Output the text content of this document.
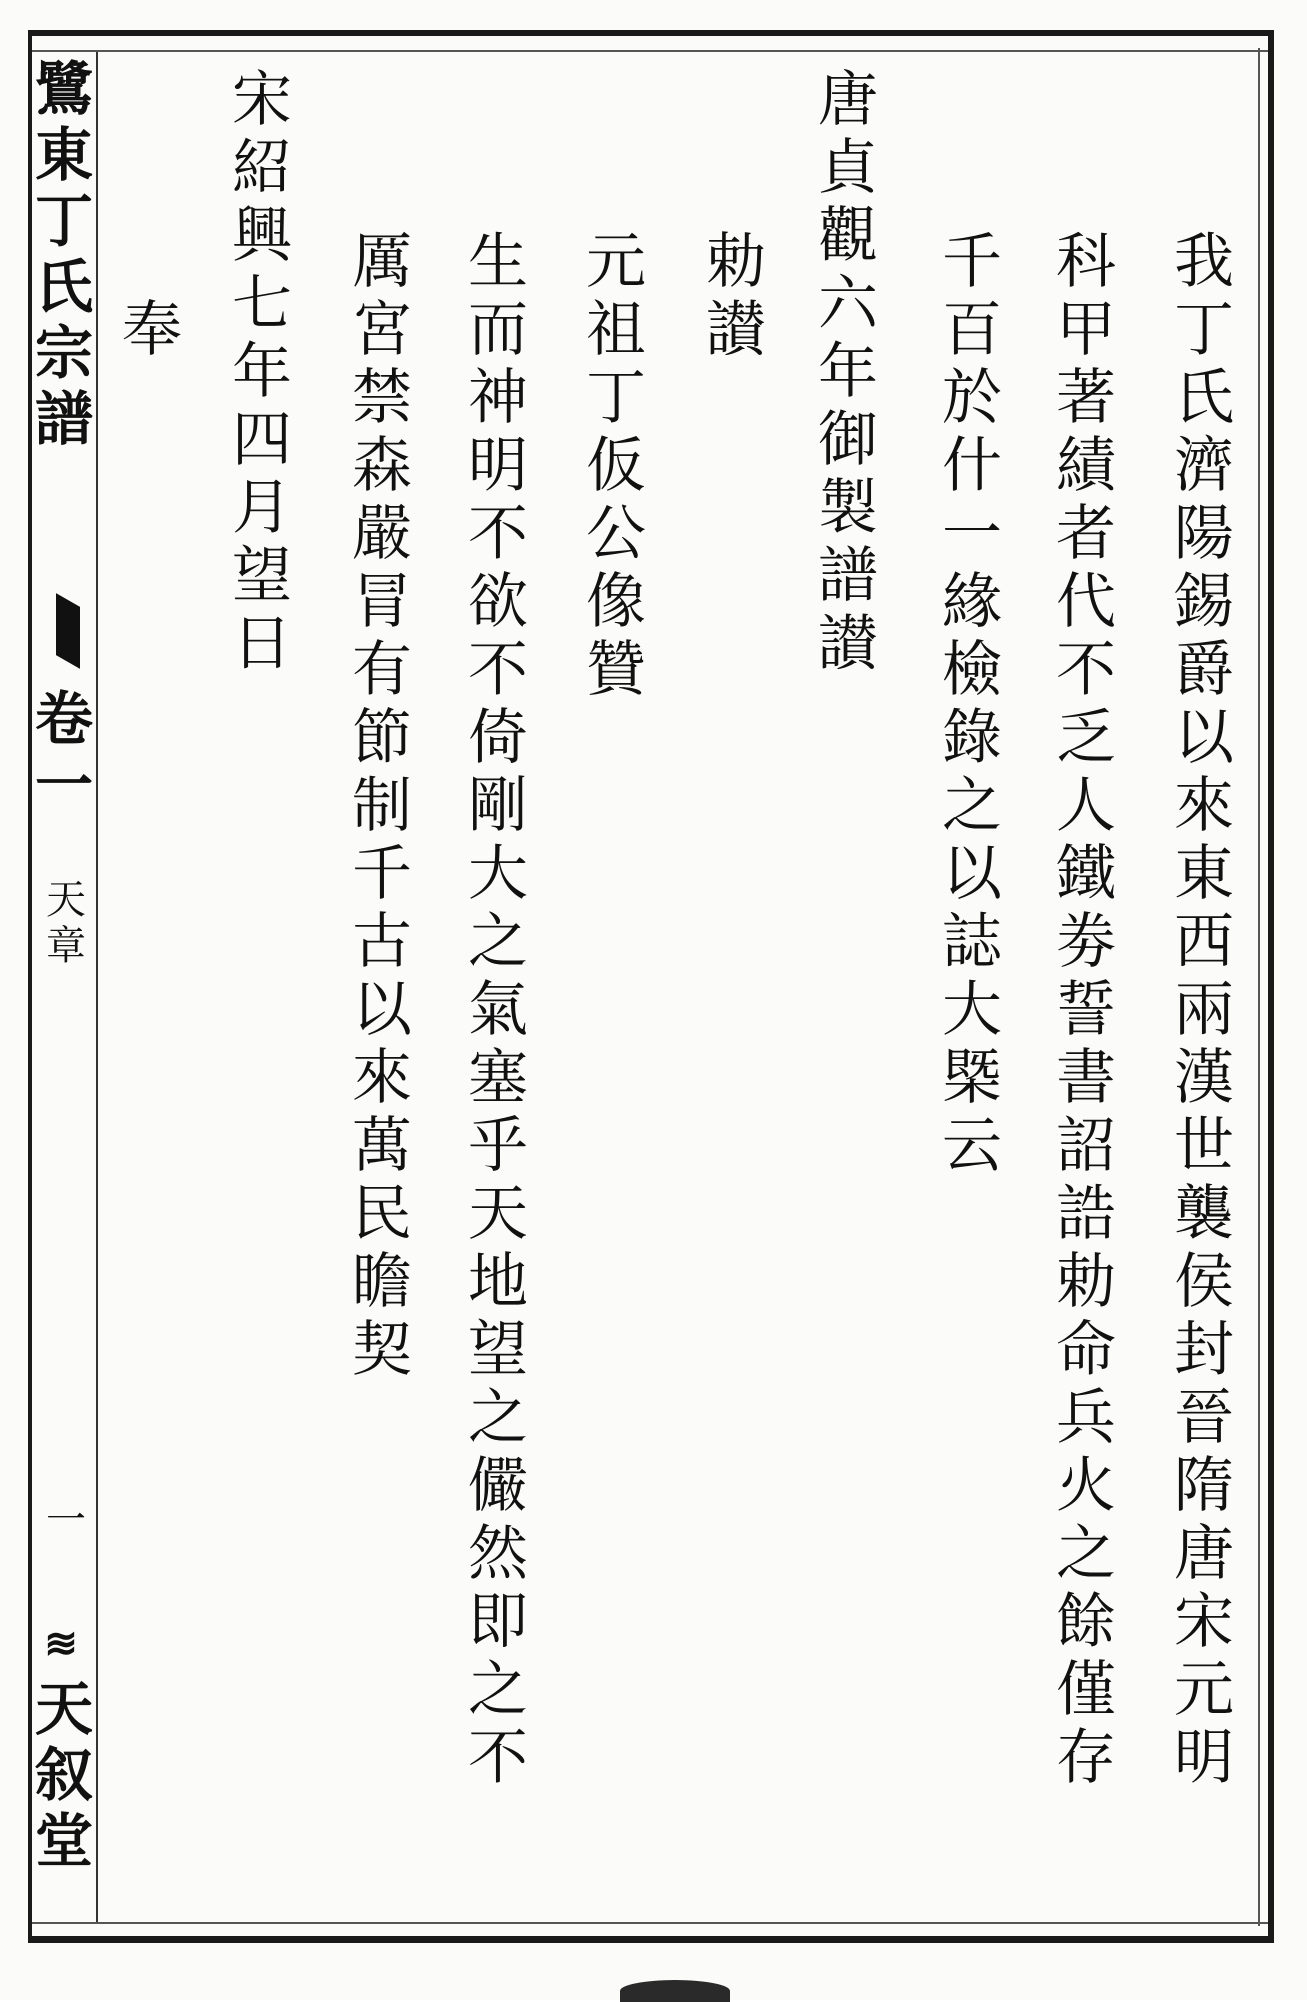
鷺
東
丁
氏
宗
譜
卷
一
天
章
一
≋
天
叙
堂
我
丁
氏
濟
陽
錫
爵
以
來
東
西
兩
漢
世
襲
侯
封
晉
隋
唐
宋
元
明
科
甲
著
績
者
代
不
乏
人
鐵
劵
誓
書
詔
誥
勅
命
兵
火
之
餘
僅
存
千
百
於
什
一
緣
檢
錄
之
以
誌
大
槩
云
唐
貞
觀
六
年
御
製
譜
讃
勅
讃
元
祖
丁
仮
公
像
贊
生
而
神
明
不
欲
不
倚
剛
大
之
氣
塞
乎
天
地
望
之
儼
然
即
之
不
厲
宮
禁
森
嚴
冐
有
節
制
千
古
以
來
萬
民
瞻
契
宋
紹
興
七
年
四
月
望
日
奉
